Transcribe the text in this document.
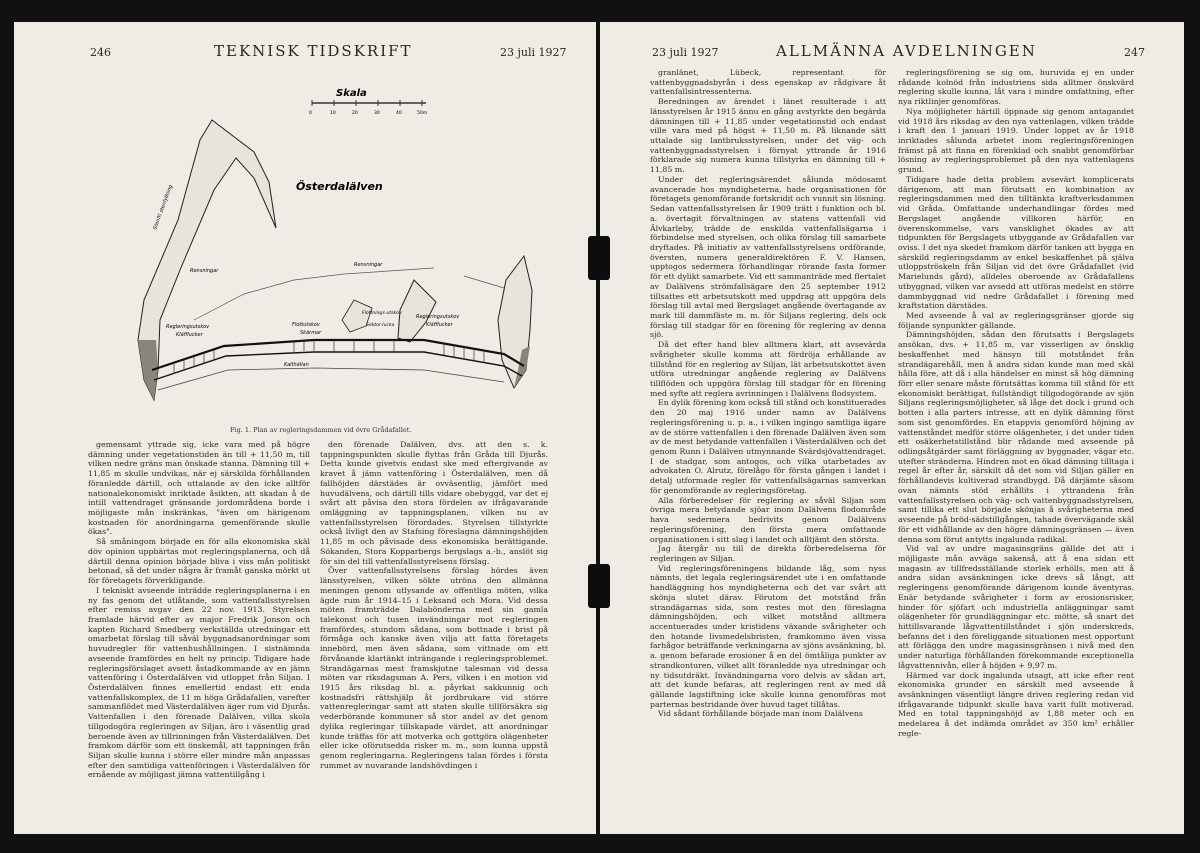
246	TEKNISK TIDSKRIFT	23 juli 1927
Skala
0	10	20	30	40	50m
Österdalälven
Stenfri stenfyllning
Rensningar
Rensningar
Regleringsutskov
Kläfflucker
Flottutskov
Skärmar
Flottnings-utskov
Sektor-lucka
Regleringsutskov
Kläfflucker
Kalthällan
Fig. 1. Plan av regleringsdammen vid övre Grådafallet.

gemensamt yttrade sig, icke vara med på högre dämning under vegetationstiden än till + 11,50 m, till vilken nedre gräns man önskade stanna. Dämning till + 11,85 m skulle undvikas, när ej särskilda förhållanden föranledde därtill, och uttalande av den icke alltför nationalekonomiskt inriktade åsikten, att skadan å de intill vattendraget gränsande jordområdena borde i möjligaste mån inskränkas, "även om härigenom kostnaden för anordningarna gemenförande skulle ökas".

Så småningom började en för alla ekonomiska skäl döv opinion uppbärtas mot regleringsplanerna, och då därtill denna opinion började bliva i viss mån politiskt betonad, så det under några år framåt ganska mörkt ut för företagets förverkligande.

I tekniskt avseende inträdde regleringsplanerna i en ny fas genom det utlåtande, som vattenfallsstyrelsen efter remiss avgav den 22 nov. 1913. Styrelsen framlade härvid efter av major Fredrik Jonson och kapten Richard Smedberg verkställda utredningar ett omarbetat förslag till såväl byggnadsanordningar som huvudregler för vattenhushållningen. I sistnämnda avseende framfördes en helt ny princip. Tidigare hade regleringsförslaget avsett åstadkommande av en jämn vattenföring i Österdalälven vid utloppet från Siljan. I Österdalälven finnes emellertid endast ett enda vattenfallskomplex, de 11 m höga Grådafallen, varefter sammanflödet med Västerdalälven äger rum vid Djurås. Vattenfallen i den förenade Dalälven, vilka skola tillgodogöra regleringen av Siljan, äro i väsentlig grad beroende även av tillrinningen från Västerdalälven. Det framkom därför som ett önskemål, att tappningen från Siljan skulle kunna i större eller mindre mån anpassas efter den samtidiga vattenföringen i Västerdalälven för ernående av möjligast jämna vattentillgång i

den förenade Dalälven, dvs. att den s. k. tappningspunkten skulle flyttas från Gråda till Djurås. Detta kunde givetvis endast ske med eftergivande av kravet å jämn vattenföring i Österdalälven, men då fallhöjden därstädes är ovväsentlig, jämfört med huvudälvens, och därtill tills vidare obebyggd, var det ej svårt att påvisa den stora fördelen av ifrågavarande omläggning av tappningsplanen, vilken nu av vattenfallsstyrelsen förordades. Styrelsen tillstyrkte också livligt den av Stafsing föreslagna dämningshöjden 11,85 m och påvisade dess ekonomiska berättigande. Sökanden, Stora Kopparbergs bergslags a.-b., anslöt sig för sin del till vattenfallsstyrelsens förslag.

Över vattenfallsstyrelsens förslag hördes även länsstyrelsen, vilken sökte utröna den allmänna meningen genom utlysande av offentliga möten, vilka ägde rum år 1914–15 i Leksand och Mora. Vid dessa möten framträdde Dalabönderna med sin gamla talekonst och tusen invändningar mot regleringen framfördes, stundom sådana, som bottnade i brist på förmåga och kanske även vilja att fatta företagets innebörd, men även sådana, som vittnade om ett förvånande klartänkt inträngande i regleringsproblemet. Strandägarnas mest framskjutne talesman vid dessa möten var riksdagsman A. Pers, vilken i en motion vid 1915 års riksdag bl. a. påyrkat sakkunnig och kostnadsfri rättshjälp åt jordbrukare vid större vattenregleringar samt att staten skulle tillförsäkra sig vederbörande kommuner så stor andel av det genom dylika regleringar tillskapade värdet, att anordningar kunde träffas för att motverka och gottgöra olägenheter eller icke oförutsedda risker m. m., som kunna uppstå genom regleringarna. Regleringens talan fördes i första rummet av nuvarande landshövdingen i

23 juli 1927	ALLMÄNNA AVDELNINGEN	247

granlänet, Lübeck, representant för vattenbyggnadsbyrån i dess egenskap av rådgivare åt vattenfallsintressenterna.

Beredningen av ärendet i länet resulterade i att länsstyrelsen år 1915 ännu en gång avstyrkte den begärda dämningen till + 11,85 under vegetationstid och endast ville vara med på högst + 11,50 m. På liknande sätt uttalade sig lantbruksstyrelsen, under det väg- och vattenbyggnadsstyrelsen i förnyat yttrande år 1916 förklarade sig numera kunna tillstyrka en dämning till + 11,85 m.

Under det regleringsärendet sålunda mödosamt avancerade hos myndigheterna, hade organisationen för företagets genomförande fortskridit och vunnit sin lösning. Sedan vattenfallsstyrelsen år 1909 trätt i funktion och bl. a. övertagit förvaltningen av statens vattenfall vid Älvkarleby, trädde de enskilda vattenfallsägarna i förbindelse med styrelsen, och olika förslag till samarbete dryftades. På initiativ av vattenfallsstyrelsens ordförande, översten, numera generaldirektören F. V. Hansen, upptogos sedermera förhandlingar rörande fasta former för ett dylikt samarbete. Vid ett sammanträde med flertalet av Dalälvens strömfallsägare den 25 september 1912 tillsattes ett arbetsutskott med uppdrag att uppgöra dels förslag till avtal med Bergslaget angående övertagande av mark till dammfäste m. m. för Siljans reglering, dels ock förslag till stadgar för en förening för reglering av denna sjö.

Då det efter hand blev alltmera klart, att avsevärda svårigheter skulle komma att fördröja erhållande av tillstånd för en reglering av Siljan, lät arbetsutskottet även utföra utredningar angående reglering av Dalälvens tillflöden och uppgöra förslag till stadgar för en förening med syfte att reglera avrinningen i Dalälvens flodsystem.

En dylik förening kom också till stånd och konstituerades den 20 maj 1916 under namn av Dalälvens regleringsförening u. p. a., i vilken ingingo samtliga ägare av de större vattenfallen i den förenade Dalälven även som av de mest betydande vattenfallen i Västerdalälven och det genom Runn i Dalälven utmynnande Svärdsjövattendraget. I de stadgar, som antogos, och vilka utarbetades av advokaten O. Alrutz, förelågo för första gången i landet i detalj utformade regler för vattenfallsägarnas samverkan för genomförande av regleringsföretag.

Alla förberedelser för reglering av såväl Siljan som övriga mera betydande sjöar inom Dalälvens flodområde hava sedermera bedrivits genom Dalälvens regleringsförening, den första mera omfattande organisationen i sitt slag i landet och alltjämt den största.

Jag återgår nu till de direkta förberedelserna för regleringen av Siljan.

Vid regleringsföreningens bildande låg, som nyss nämnts, det legala regleringsärendet ute i en omfattande handläggning hos myndigheterna och det var svårt att skönja slutet därav. Förutom det motstånd från strandägarnas sida, som restes mot den föreslagna dämningshöjden, och vilket motstånd alltmera accentuerades under kristidens växande svårigheter och den hotande livsmedelsbristen, framkommo även vissa farhågor beträffande verkningarna av sjöns avsänkning, bl. a. genom befarade erosioner å en del ömtåliga punkter av strandkonturen, vilket allt föranledde nya utredningar och ny tidsutdräkt. Invändningarna voro delvis av sådan art, att det kunde befaras, att regleringen rent av med då gällande lagstiftning icke skulle kunna genomföras mot parternas bestridande över huvud taget tillåtas.

Vid sådant förhållande började man inom Dalälvens

regleringsförening se sig om, huruvida ej en under rådande kolnöd från industriens sida alltmer önskvärd reglering skulle kunna, låt vara i mindre omfattning, efter nya riktlinjer genomföras.

Nya möjligheter härtill öppnade sig genom antagandet vid 1918 års riksdag av den nya vattenlagen, vilken trädde i kraft den 1 januari 1919. Under loppet av år 1918 inriktades sålunda arbetet inom regleringsföreningen främst på att finna en förenklad och snabbt genomförbar lösning av regleringsproblemet på den nya vattenlagens grund.

Tidigare hade detta problem avsevärt komplicerats därigenom, att man förutsatt en kombination av regleringsdammen med den tilltänkta kraftverksdammen vid Gråda. Omfattande underhandlingar fördes med Bergslaget angående villkoren härför, en överenskommelse, vars vansklighet ökades av att tidpunkten för Bergslagets utbyggande av Grådafallen var oviss. I det nya skedet framkom därför tanken att bygga en särskild regleringsdamm av enkel beskaffenhet på själva utloppströskeln från Siljan vid det övre Grådafallet (vid Marielunds gård), alldeles oberoende av Grådafallens utbyggnad, vilken var avsedd att utföras medelst en större dammbyggnad vid nedre Grådafallet i förening med kraftstation därstädes.

Med avseende å val av regleringsgränser gjorde sig följande synpunkter gällande.

Dämningshöjden, sådan den förutsatts i Bergslagets ansökan, dvs. + 11,85 m, var visserligen av önsklig beskaffenhet med hänsyn till motståndet från strandägarehåll, men å andra sidan kunde man med skäl hålla före, att då i alla händelser en minst så hög dämning förr eller senare måste förutsättas komma till stånd för ett ekonomiskt berättigat, fullständigt tillgodogörande av sjön Siljans regleringsmöjligheter, så låge det dock i grund och botten i alla parters intresse, att en dylik dämning först som sist genomfördes. En etappvis genomförd höjning av vattenståndet medför större olägenheter, i det under tiden ett osäkerhetstillstånd blir rådande med avseende på odlingsåtgärder samt förläggning av byggnader, vägar etc. utefter stränderna. Hindren mot en ökad dämning tilltaga i regel år efter år, särskilt då det som vid Siljan gäller en förhållandevis kultiverad strandbygd. Då därjämte såsom ovan nämnts stöd erhållits i yttrandena från vattenfallsstyrelsen och väg- och vattenbyggnadsstyrelsen, samt tillika ett slut började skönjas å svårigheterna med avseende på bröd-sädstillgången, tahade övervägande skäl för ett vidhållande av den högre dämningsgränsen — även denna som förut antytts ingalunda radikal.

Vid val av undre magasinsgräns gällde det att i möjligaste mån avväga sakenså, att å ena sidan ett magasin av tillfredsställande storlek erhölls, men att å andra sidan avsänkningen icke drevs så långt, att regleringens genomförande därigenom kunde äventyras. Enär betydande svårigheter i form av erosionsrisker, hinder för sjöfart och industriella anläggningar samt olägenheter för grundläggningar etc. mötte, så snart det hittillsvarande lågvattentillståndet i sjön underskreds, befanns det i den föreliggande situationen mest opportunt att förlägga den undre magasinsgränsen i nivå med den under naturliga förhållanden förekommande exceptionella lågvattennivån, eller å höjden + 9,97 m.

Härmed var dock ingalunda utsagt, att icke efter rent ekonomiska grunder en särskilt med avseende å avsänkningen väsentligt längre driven reglering redan vid ifrågavarande tidpunkt skulle hava varit fullt motiverad. Med en total tappningshöjd av 1,88 meter och en medelarea å det indämda området av 350 km² erhåller regle-
